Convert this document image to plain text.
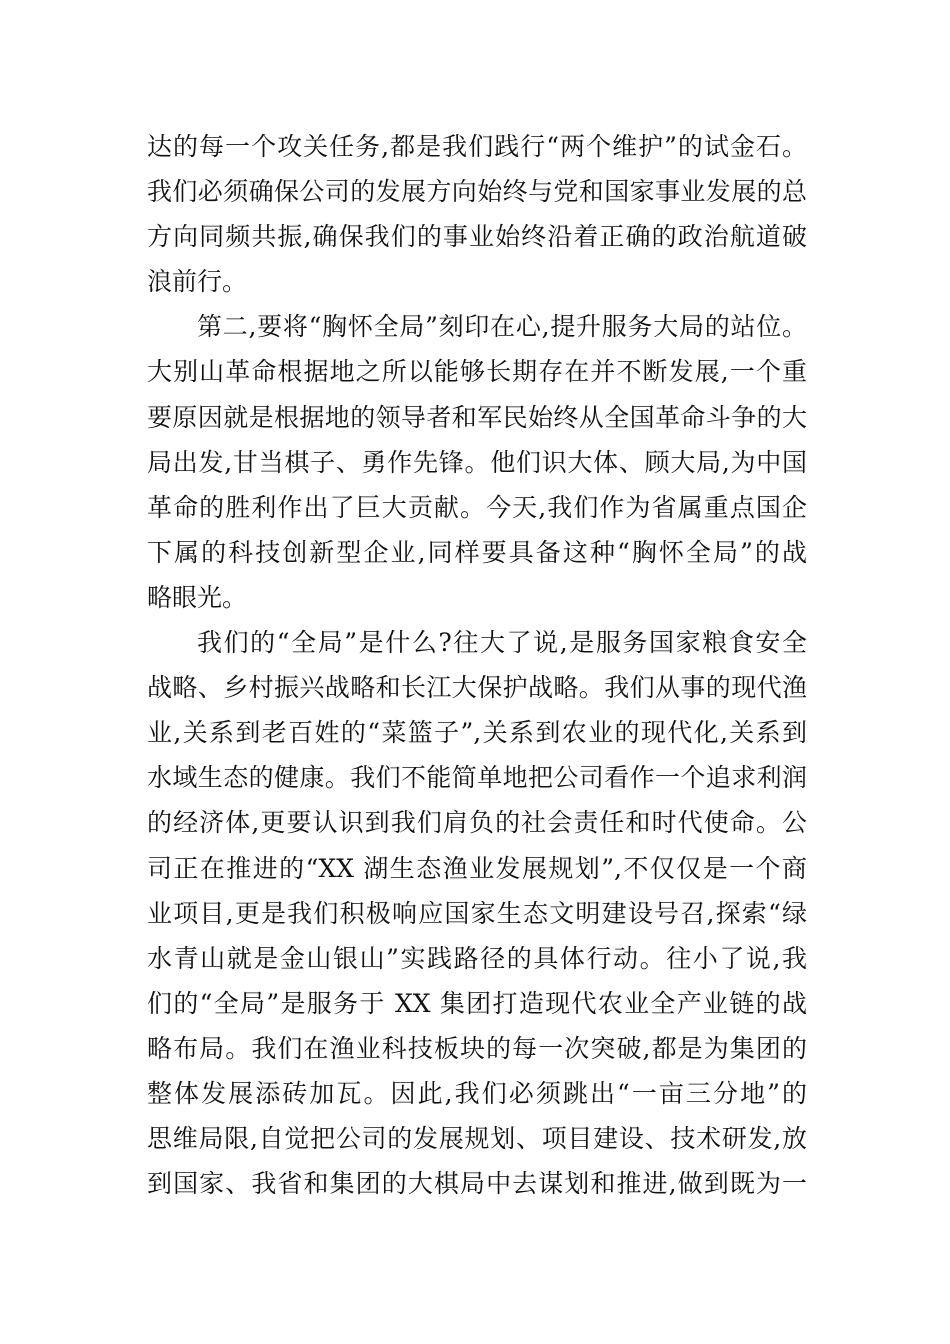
达的每一个攻关任务,都是我们践行“两个维护”的试金石。
我们必须确保公司的发展方向始终与党和国家事业发展的总
方向同频共振,确保我们的事业始终沿着正确的政治航道破
浪前行。
第二,要将“胸怀全局”刻印在心,提升服务大局的站位。
大别山革命根据地之所以能够长期存在并不断发展,一个重
要原因就是根据地的领导者和军民始终从全国革命斗争的大
局出发,甘当棋子、勇作先锋。他们识大体、顾大局,为中国
革命的胜利作出了巨大贡献。今天,我们作为省属重点国企
下属的科技创新型企业,同样要具备这种“胸怀全局”的战
略眼光。
我们的“全局”是什么?往大了说,是服务国家粮食安全
战略、乡村振兴战略和长江大保护战略。我们从事的现代渔
业,关系到老百姓的“菜篮子”,关系到农业的现代化,关系到
水域生态的健康。我们不能简单地把公司看作一个追求利润
的经济体,更要认识到我们肩负的社会责任和时代使命。公
司正在推进的“XX 湖生态渔业发展规划”,不仅仅是一个商
业项目,更是我们积极响应国家生态文明建设号召,探索“绿
水青山就是金山银山”实践路径的具体行动。往小了说,我
们的“全局”是服务于 XX 集团打造现代农业全产业链的战
略布局。我们在渔业科技板块的每一次突破,都是为集团的
整体发展添砖加瓦。因此,我们必须跳出“一亩三分地”的
思维局限,自觉把公司的发展规划、项目建设、技术研发,放
到国家、我省和集团的大棋局中去谋划和推进,做到既为一
